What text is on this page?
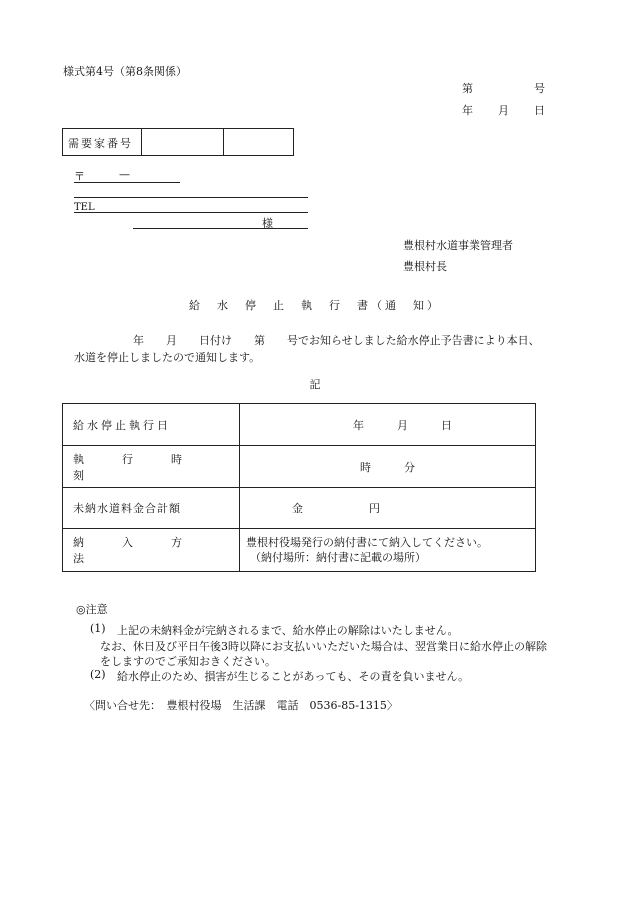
様式第4号（第8条関係）
第	号
年 月 日
需要家番号
〒	—
TEL
様
豊根村水道事業管理者
豊根村長
給　水　停　止　執　行　書（通　知）
年　　月　　日付け　　第　　号でお知らせしました給水停止予告書により本日、
水道を停止しましたので通知します。
記
給水停止執行日	年　　　月　　　日
執行時刻	時　　　分
未納水道料金合計額	金　　　　　　円
納入方法	豊根村役場発行の納付書にて納入してください。
（納付場所：納付書に記載の場所）
◎注意
(1) 上記の未納料金が完納されるまで、給水停止の解除はいたしません。
なお、休日及び平日午後3時以降にお支払いいただいた場合は、翌営業日に給水停止の解除
をしますのでご承知おきください。
(2) 給水停止のため、損害が生じることがあっても、その責を負いません。
〈問い合せ先：　豊根村役場　生活課　電話　0536-85-1315〉
